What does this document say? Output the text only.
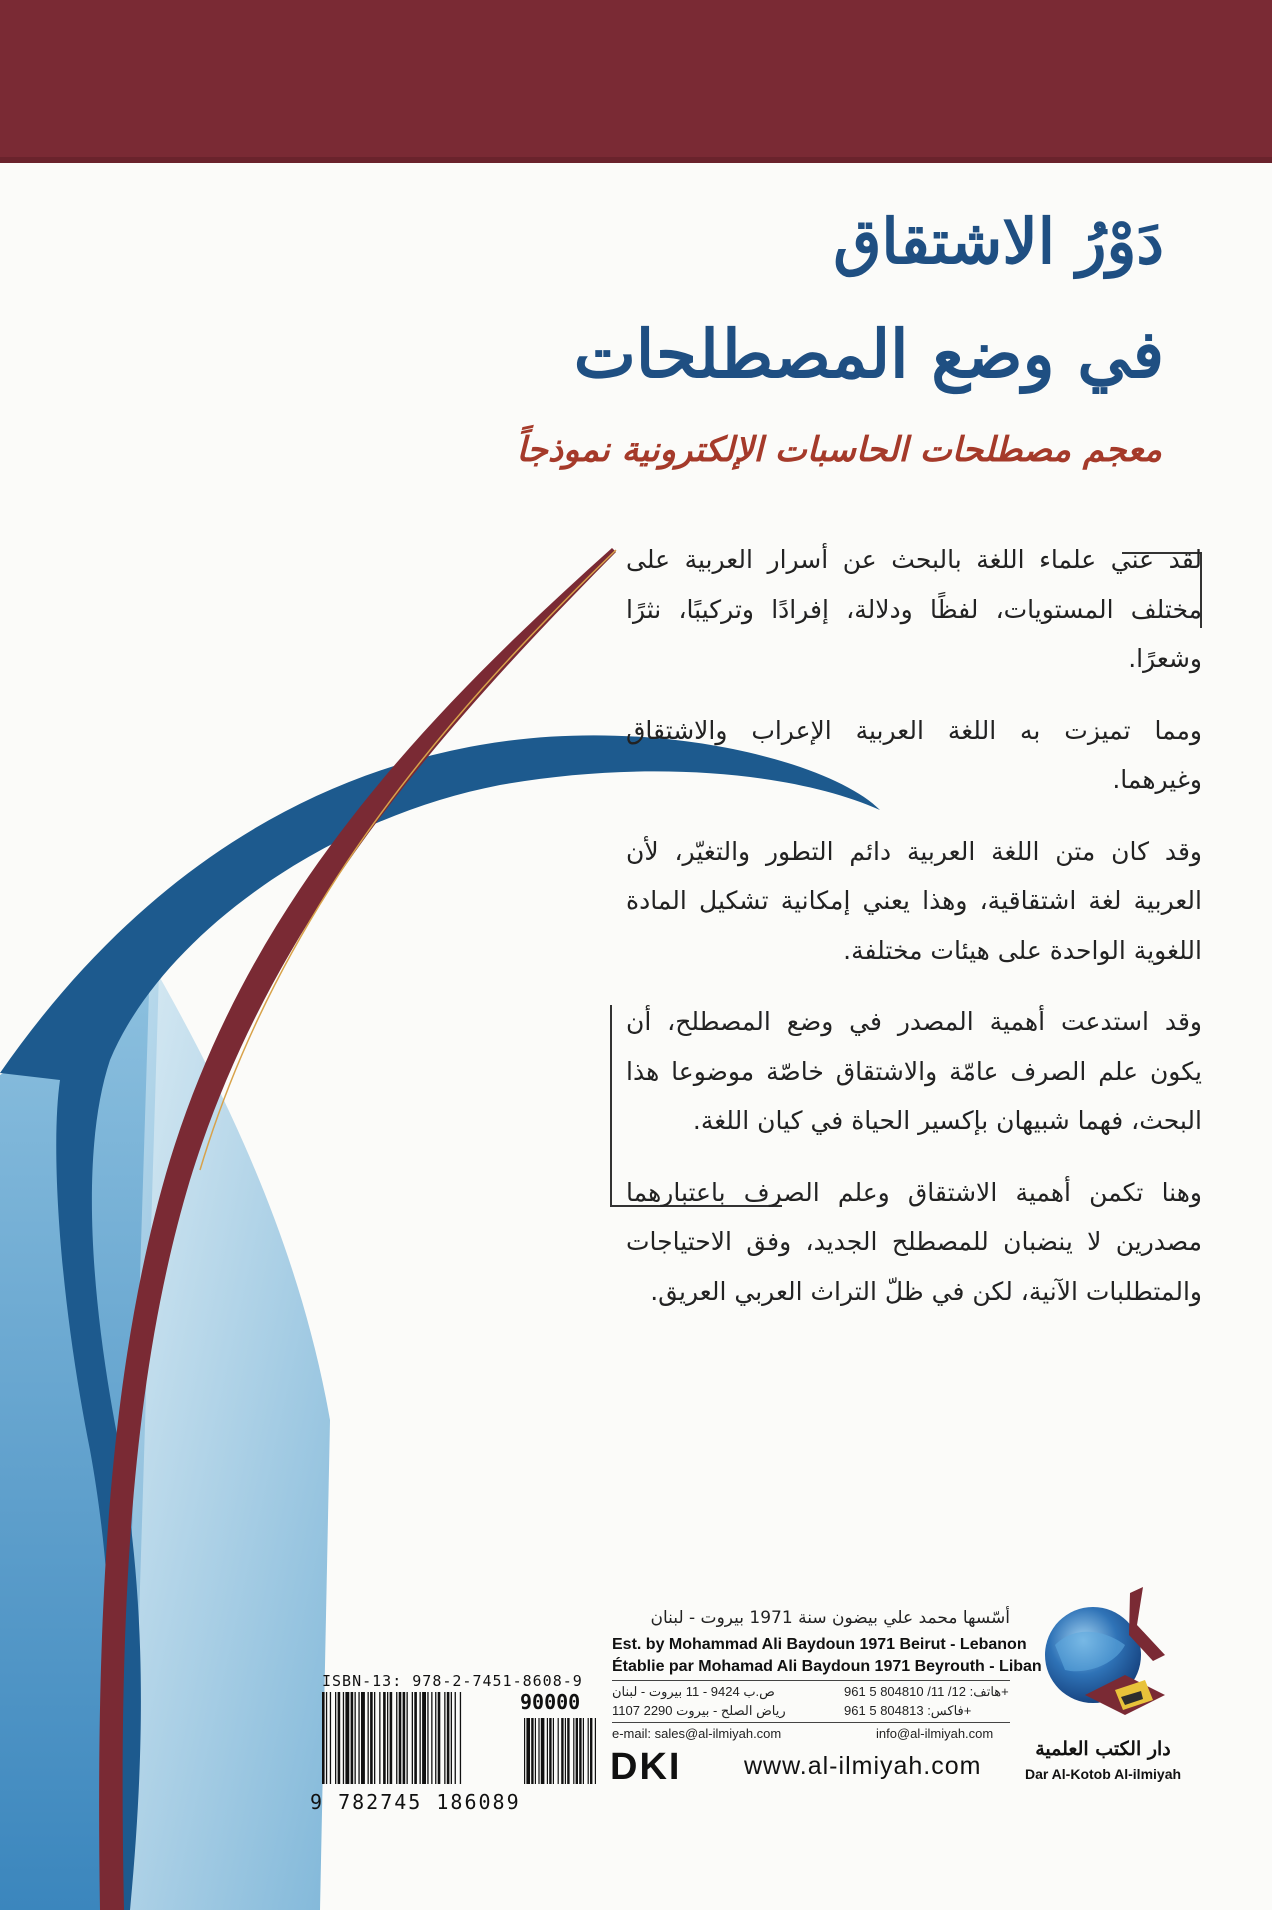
دَوْرُ الاشتقاق
في وضع المصطلحات
معجم مصطلحات الحاسبات الإلكترونية نموذجاً

لقد عني علماء اللغة بالبحث عن أسرار العربية على مختلف المستويات، لفظًا ودلالة، إفرادًا وتركيبًا، نثرًا وشعرًا.

ومما تميزت به اللغة العربية الإعراب والاشتقاق وغيرهما.

وقد كان متن اللغة العربية دائم التطور والتغيّر، لأن العربية لغة اشتقاقية، وهذا يعني إمكانية تشكيل المادة اللغوية الواحدة على هيئات مختلفة.

وقد استدعت أهمية المصدر في وضع المصطلح، أن يكون علم الصرف عامّة والاشتقاق خاصّة موضوعا هذا البحث، فهما شبيهان بإكسير الحياة في كيان اللغة.

وهنا تكمن أهمية الاشتقاق وعلم الصرف باعتبارهما مصدرين لا ينضبان للمصطلح الجديد، وفق الاحتياجات والمتطلبات الآنية، لكن في ظلّ التراث العربي العريق.

ISBN-13: 978-2-7451-8608-9
90000
9 782745 186089
أسّسها محمد علي بيضون سنة 1971 بيروت - لبنان
Est. by Mohammad Ali Baydoun 1971 Beirut - Lebanon
Établie par Mohamad Ali Baydoun 1971 Beyrouth - Liban
ص.ب 9424 - 11 بيروت - لبنان	هاتف: 12/ 11/ 804810 5 961+
رياض الصلح - بيروت 2290 1107	فاكس: 804813 5 961+
e-mail: sales@al-ilmiyah.com	info@al-ilmiyah.com
DKI	www.al-ilmiyah.com
دار الكتب العلمية
Dar Al-Kotob Al-ilmiyah
